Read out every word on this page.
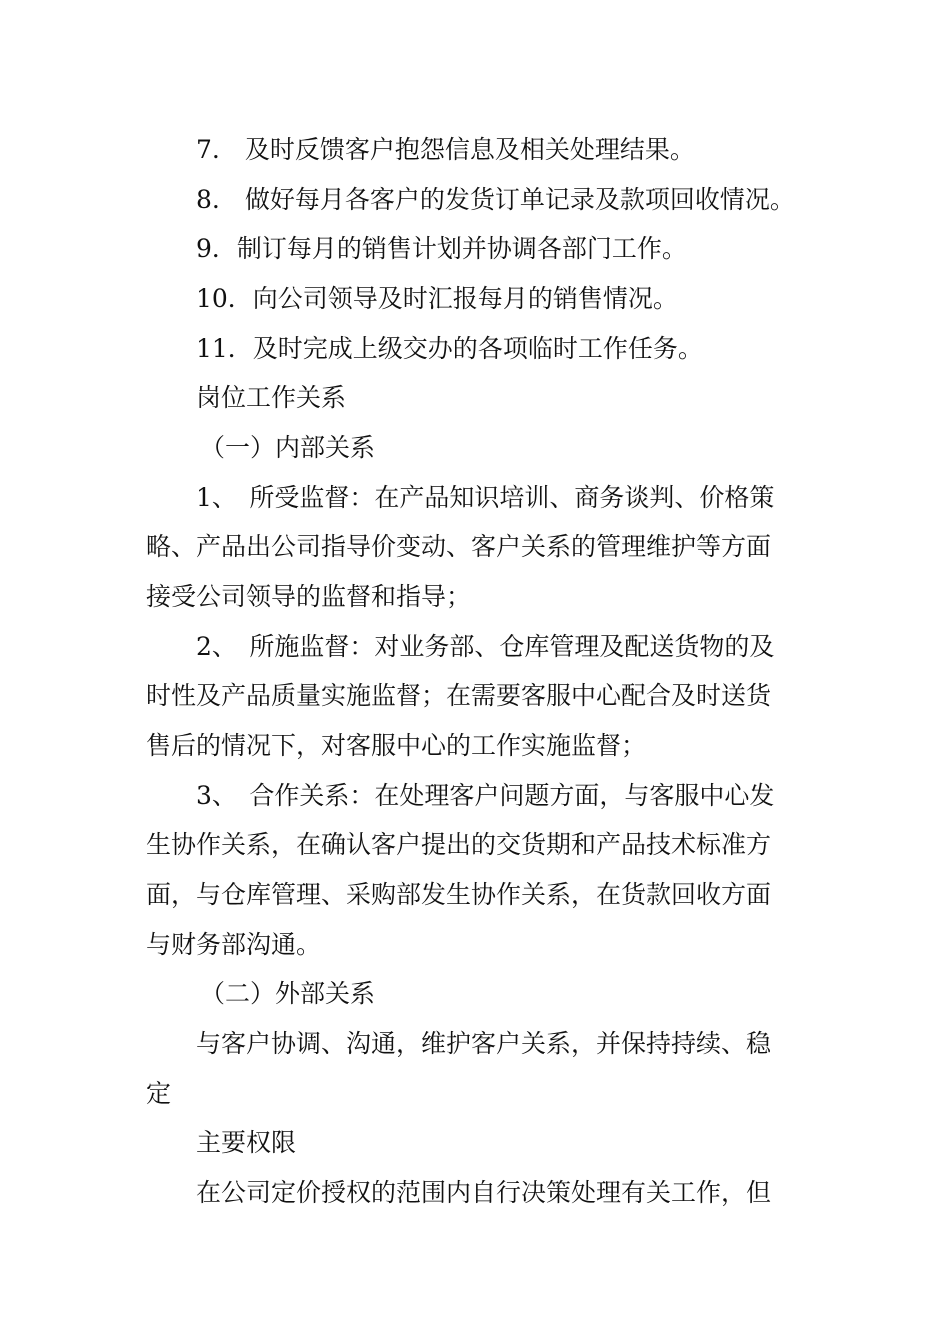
7.　及时反馈客户抱怨信息及相关处理结果。
8.　做好每月各客户的发货订单记录及款项回收情况。
9．制订每月的销售计划并协调各部门工作。
10．向公司领导及时汇报每月的销售情况。
11．及时完成上级交办的各项临时工作任务。
岗位工作关系
（一）内部关系
1、　所受监督：在产品知识培训、商务谈判、价格策
略、产品出公司指导价变动、客户关系的管理维护等方面
接受公司领导的监督和指导；
2、　所施监督：对业务部、仓库管理及配送货物的及
时性及产品质量实施监督；在需要客服中心配合及时送货
售后的情况下，对客服中心的工作实施监督；
3、　合作关系：在处理客户问题方面，与客服中心发
生协作关系，在确认客户提出的交货期和产品技术标准方
面，与仓库管理、采购部发生协作关系，在货款回收方面
与财务部沟通。
（二）外部关系
与客户协调、沟通，维护客户关系，并保持持续、稳
定
主要权限
在公司定价授权的范围内自行决策处理有关工作，但
